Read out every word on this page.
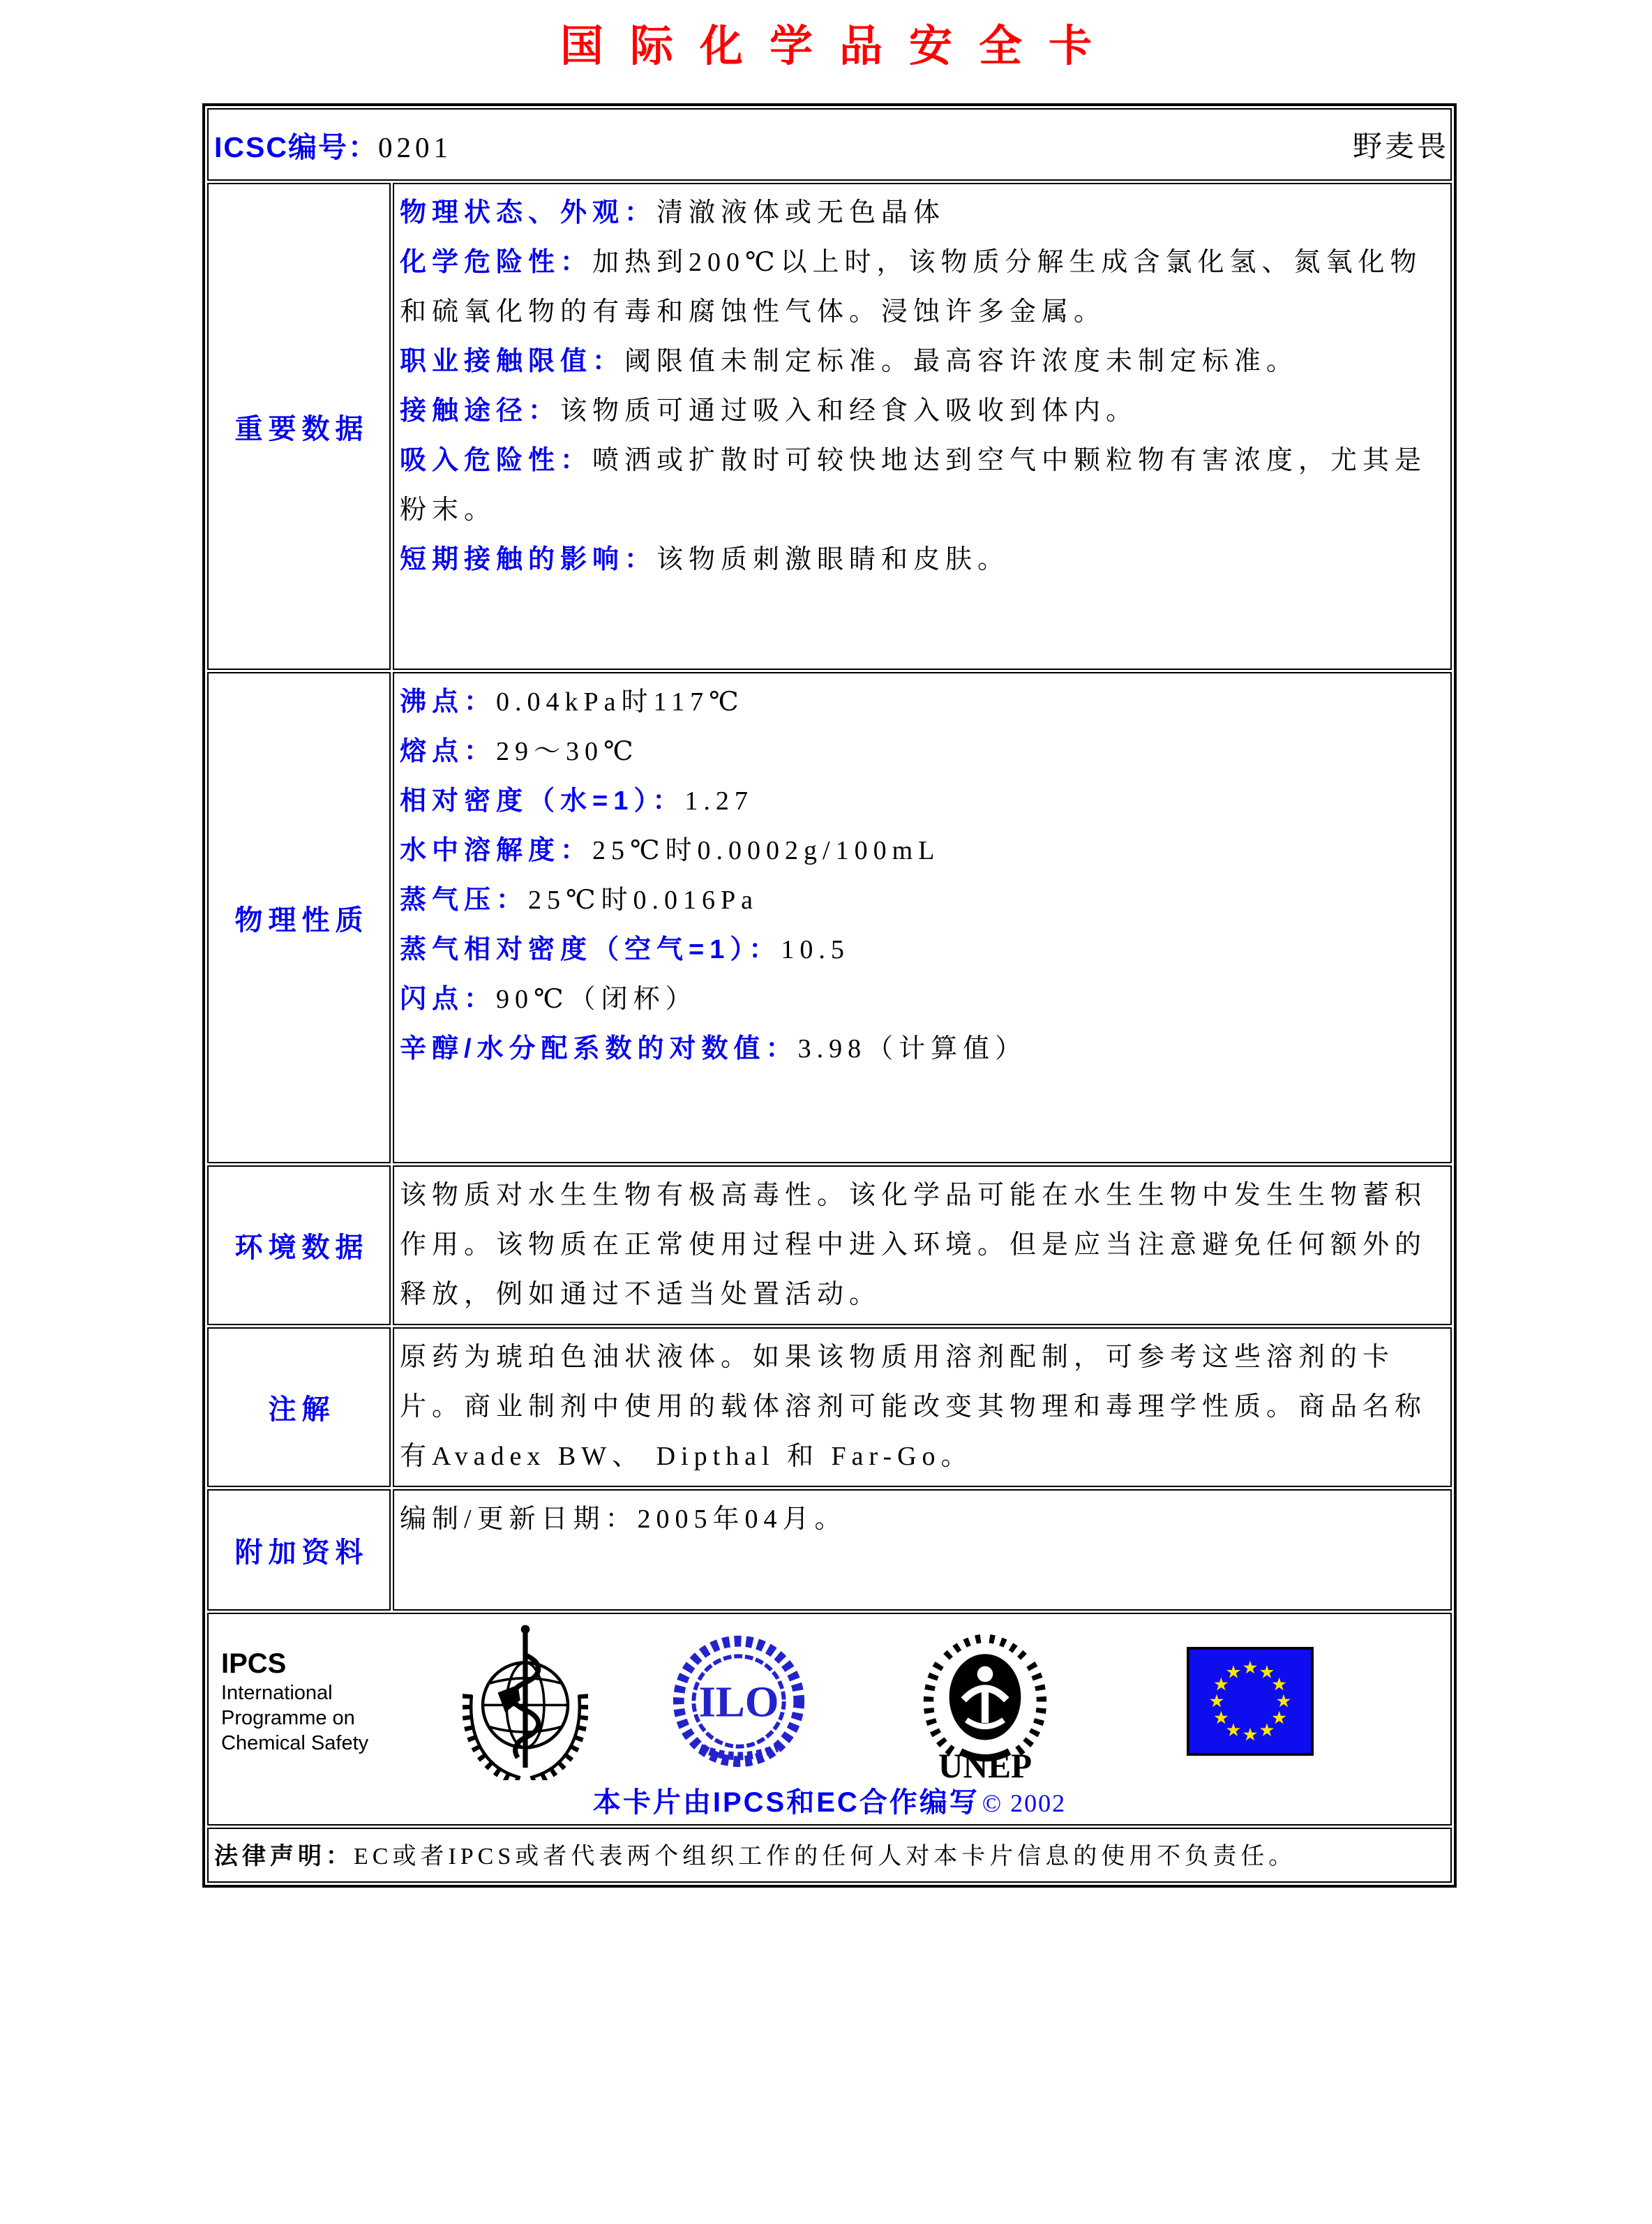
国际化学品安全卡
ICSC编号：0201	野麦畏
重要数据

物理状态、外观：清澈液体或无色晶体

化学危险性：加热到200℃以上时，该物质分解生成含氯化氢、氮氧化物和硫氧化物的有毒和腐蚀性气体。浸蚀许多金属。

职业接触限值：阈限值未制定标准。最高容许浓度未制定标准。

接触途径：该物质可通过吸入和经食入吸收到体内。

吸入危险性：喷洒或扩散时可较快地达到空气中颗粒物有害浓度，尤其是粉末。

短期接触的影响：该物质刺激眼睛和皮肤。

物理性质

沸点：0.04kPa时117℃

熔点：29～30℃

相对密度（水=1）：1.27

水中溶解度：25℃时0.0002g/100mL

蒸气压：25℃时0.016Pa

蒸气相对密度（空气=1）：10.5

闪点：90℃（闭杯）

辛醇/水分配系数的对数值：3.98（计算值）

环境数据

该物质对水生生物有极高毒性。该化学品可能在水生生物中发生生物蓄积作用。该物质在正常使用过程中进入环境。但是应当注意避免任何额外的释放，例如通过不适当处置活动。

注解

原药为琥珀色油状液体。如果该物质用溶剂配制，可参考这些溶剂的卡片。商业制剂中使用的载体溶剂可能改变其物理和毒理学性质。商品名称有Avadex BW、 Dipthal 和 Far-Go。

附加资料

编制/更新日期：2005年04月。

IPCS
International
Programme on
Chemical Safety
ILO
UNEP
本卡片由IPCS和EC合作编写 © 2002

法律声明：EC或者IPCS或者代表两个组织工作的任何人对本卡片信息的使用不负责任。
